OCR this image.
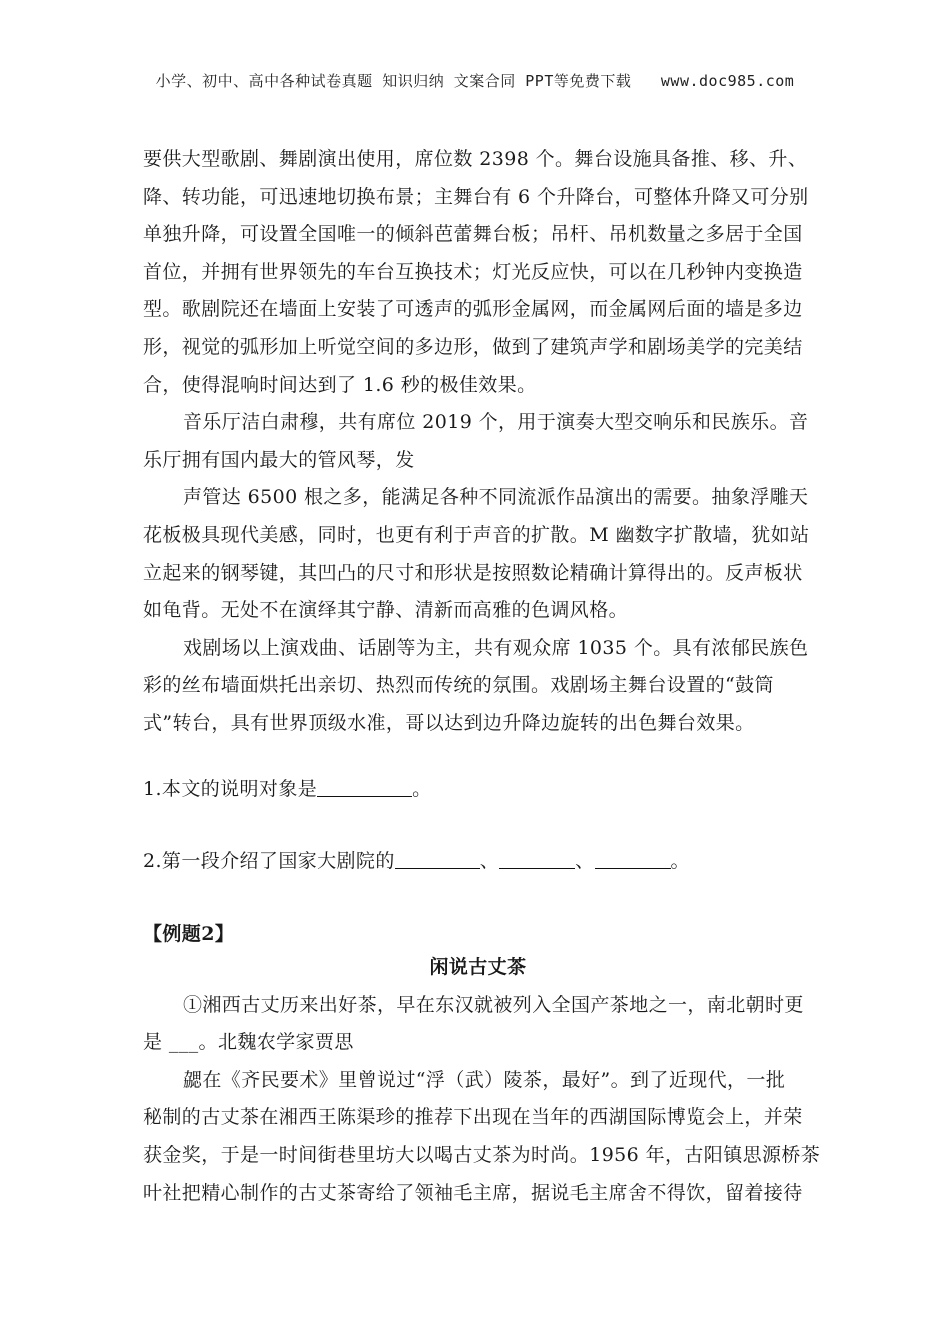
小学、初中、高中各种试卷真题 知识归纳 文案合同 PPT等免费下载 www.doc985.com
要供大型歌剧、舞剧演出使用，席位数 2398 个。舞台设施具备推、移、升、
降、转功能，可迅速地切换布景；主舞台有 6 个升降台，可整体升降又可分别
单独升降，可设置全国唯一的倾斜芭蕾舞台板；吊杆、吊机数量之多居于全国
首位，并拥有世界领先的车台互换技术；灯光反应快，可以在几秒钟内变换造
型。歌剧院还在墙面上安装了可透声的弧形金属网，而金属网后面的墙是多边
形，视觉的弧形加上听觉空间的多边形，做到了建筑声学和剧场美学的完美结
合，使得混响时间达到了 1.6 秒的极佳效果。
音乐厅洁白肃穆，共有席位 2019 个，用于演奏大型交响乐和民族乐。音
乐厅拥有国内最大的管风琴，发
声管达 6500 根之多，能满足各种不同流派作品演出的需要。抽象浮雕天
花板极具现代美感，同时，也更有利于声音的扩散。M 幽数字扩散墙，犹如站
立起来的钢琴键，其凹凸的尺寸和形状是按照数论精确计算得出的。反声板状
如龟背。无处不在演绎其宁静、清新而高雅的色调风格。
戏剧场以上演戏曲、话剧等为主，共有观众席 1035 个。具有浓郁民族色
彩的丝布墙面烘托出亲切、热烈而传统的氛围。戏剧场主舞台设置的“鼓筒
式”转台，具有世界顶级水准，哥以达到边升降边旋转的出色舞台效果。
1.本文的说明对象是	。
2.第一段介绍了国家大剧院的	、	、	。
【例题2】
闲说古丈茶
①湘西古丈历来出好茶，早在东汉就被列入全国产茶地之一，南北朝时更
是 ___。北魏农学家贾思
勰在《齐民要术》里曾说过“浮（武）陵茶，最好”。到了近现代，一批
秘制的古丈茶在湘西王陈渠珍的推荐下出现在当年的西湖国际博览会上，并荣
获金奖，于是一时间街巷里坊大以喝古丈茶为时尚。1956 年，古阳镇思源桥茶
叶社把精心制作的古丈茶寄给了领袖毛主席，据说毛主席舍不得饮，留着接待
